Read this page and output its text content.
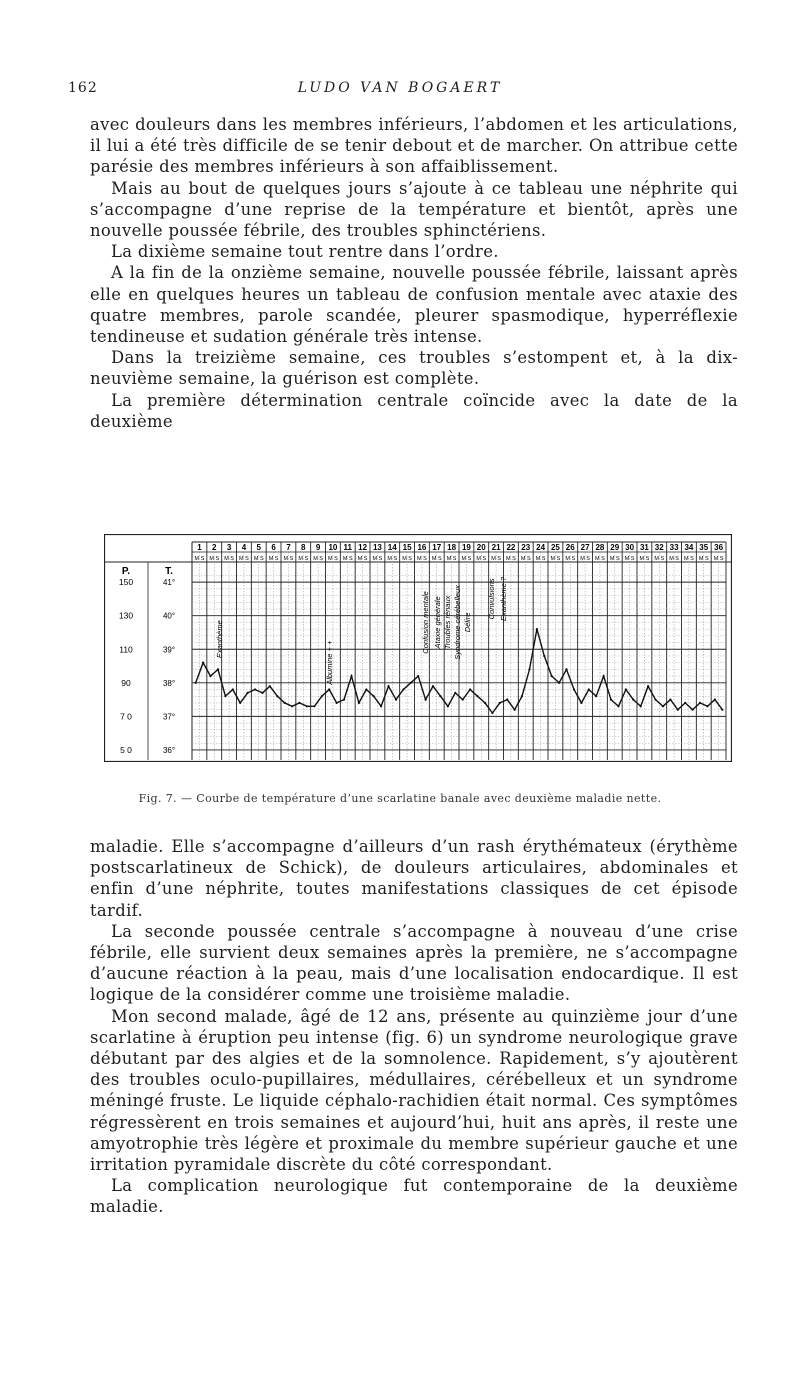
162	LUDO VAN BOGAERT

avec douleurs dans les membres inférieurs, l’abdomen et les articulations, il lui a été très difficile de se tenir debout et de marcher. On attribue cette parésie des membres inférieurs à son affaiblissement.

Mais au bout de quelques jours s’ajoute à ce tableau une néphrite qui s’accompagne d’une reprise de la température et bientôt, après une nouvelle poussée fébrile, des troubles sphinctériens.

La dixième semaine tout rentre dans l’ordre.

A la fin de la onzième semaine, nouvelle poussée fébrile, laissant après elle en quelques heures un tableau de confusion mentale avec ataxie des quatre membres, parole scandée, pleurer spasmodique, hyperréflexie tendineuse et sudation générale très intense.

Dans la treizième semaine, ces troubles s’estompent et, à la dix-neuvième semaine, la guérison est complète.

La première détermination centrale coïncide avec la date de la deuxième

P.	T.
1
M S
2
M S
3
M S
4
M S
5
M S
6
M S
7
M S
8
M S
9
M S
10
M S
11
M S
12
M S
13
M S
14
M S
15
M S
16
M S
17
M S
18
M S
19
M S
20
M S
21
M S
22
M S
23
M S
24
M S
25
M S
26
M S
27
M S
28
M S
29
M S
30
M S
31
M S
32
M S
33
M S
34
M S
35
M S
36
M S
41°
40°
39°
38°
37°
36°
150
130
110
90
7 0
5 0
Exanthème
Albumine + +
Confusion mentale Ataxie générale Troubles rénaux Syndrome cérébelleux Délire
Convulsions Exanthème ?
Fig. 7. — Courbe de température d’une scarlatine banale avec deuxième maladie nette.

maladie. Elle s’accompagne d’ailleurs d’un rash érythémateux (érythème postscarlatineux de Schick), de douleurs articulaires, abdominales et enfin d’une néphrite, toutes manifestations classiques de cet épisode tardif.

La seconde poussée centrale s’accompagne à nouveau d’une crise fébrile, elle survient deux semaines après la première, ne s’accompagne d’aucune réaction à la peau, mais d’une localisation endocardique. Il est logique de la considérer comme une troisième maladie.

Mon second malade, âgé de 12 ans, présente au quinzième jour d’une scarlatine à éruption peu intense (fig. 6) un syndrome neurologique grave débutant par des algies et de la somnolence. Rapidement, s’y ajoutèrent des troubles oculo-pupillaires, médullaires, cérébelleux et un syndrome méningé fruste. Le liquide céphalo-rachidien était normal. Ces symptômes régressèrent en trois semaines et aujourd’hui, huit ans après, il reste une amyotrophie très légère et proximale du membre supérieur gauche et une irritation pyramidale discrète du côté correspondant.

La complication neurologique fut contemporaine de la deuxième maladie.
